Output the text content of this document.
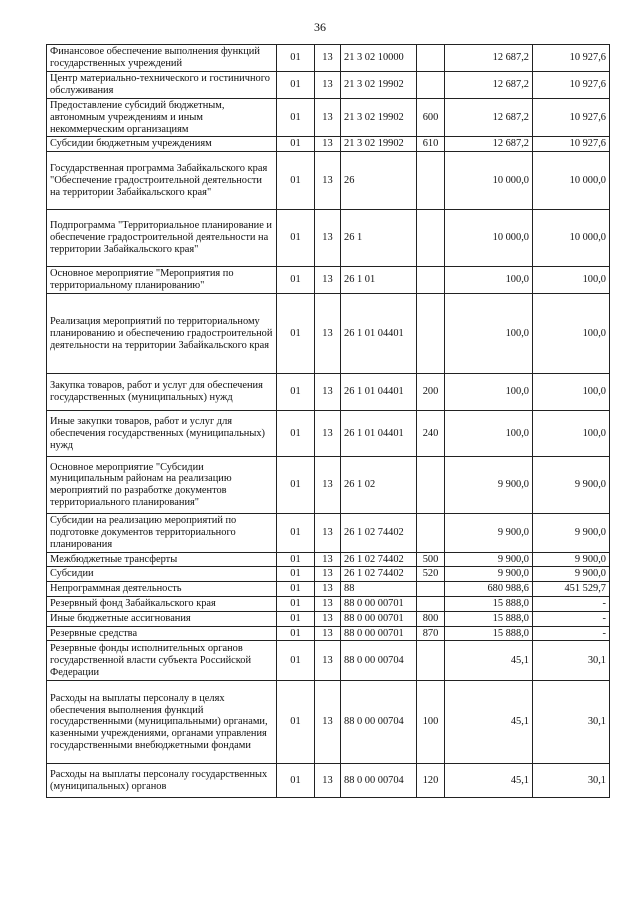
36
Финансовое обеспечение выполнения функций государственных учреждений	01	13	21 3 02 10000		12 687,2	10 927,6
Центр материально-технического и гостиничного обслуживания	01	13	21 3 02 19902		12 687,2	10 927,6
Предоставление субсидий бюджетным, автономным учреждениям и иным некоммерческим организациям	01	13	21 3 02 19902	600	12 687,2	10 927,6
Субсидии бюджетным учреждениям	01	13	21 3 02 19902	610	12 687,2	10 927,6
Государственная программа Забайкальского края "Обеспечение градостроительной деятельности на территории Забайкальского края"	01	13	26		10 000,0	10 000,0
Подпрограмма "Территориальное планирование и обеспечение градостроительной деятельности на территории Забайкальского края"	01	13	26 1		10 000,0	10 000,0
Основное мероприятие "Мероприятия по территориальному планированию"	01	13	26 1 01		100,0	100,0
Реализация мероприятий по территориальному планированию и обеспечению градостроительной деятельности на территории Забайкальского края	01	13	26 1 01 04401		100,0	100,0
Закупка товаров, работ и услуг для обеспечения государственных (муниципальных) нужд	01	13	26 1 01 04401	200	100,0	100,0
Иные закупки товаров, работ и услуг для обеспечения государственных (муниципальных) нужд	01	13	26 1 01 04401	240	100,0	100,0
Основное мероприятие "Субсидии муниципальным районам на реализацию мероприятий по разработке документов территориального планирования"	01	13	26 1 02		9 900,0	9 900,0
Субсидии на реализацию мероприятий по подготовке документов территориального планирования	01	13	26 1 02 74402		9 900,0	9 900,0
Межбюджетные трансферты	01	13	26 1 02 74402	500	9 900,0	9 900,0
Субсидии	01	13	26 1 02 74402	520	9 900,0	9 900,0
Непрограммная деятельность	01	13	88		680 988,6	451 529,7
Резервный фонд Забайкальского края	01	13	88 0 00 00701		15 888,0	-
Иные бюджетные ассигнования	01	13	88 0 00 00701	800	15 888,0	-
Резервные средства	01	13	88 0 00 00701	870	15 888,0	-
Резервные фонды исполнительных органов государственной власти субъекта Российской Федерации	01	13	88 0 00 00704		45,1	30,1
Расходы на выплаты персоналу в целях обеспечения выполнения функций государственными (муниципальными) органами, казенными учреждениями, органами управления государственными внебюджетными фондами	01	13	88 0 00 00704	100	45,1	30,1
Расходы на выплаты персоналу государственных (муниципальных) органов	01	13	88 0 00 00704	120	45,1	30,1
